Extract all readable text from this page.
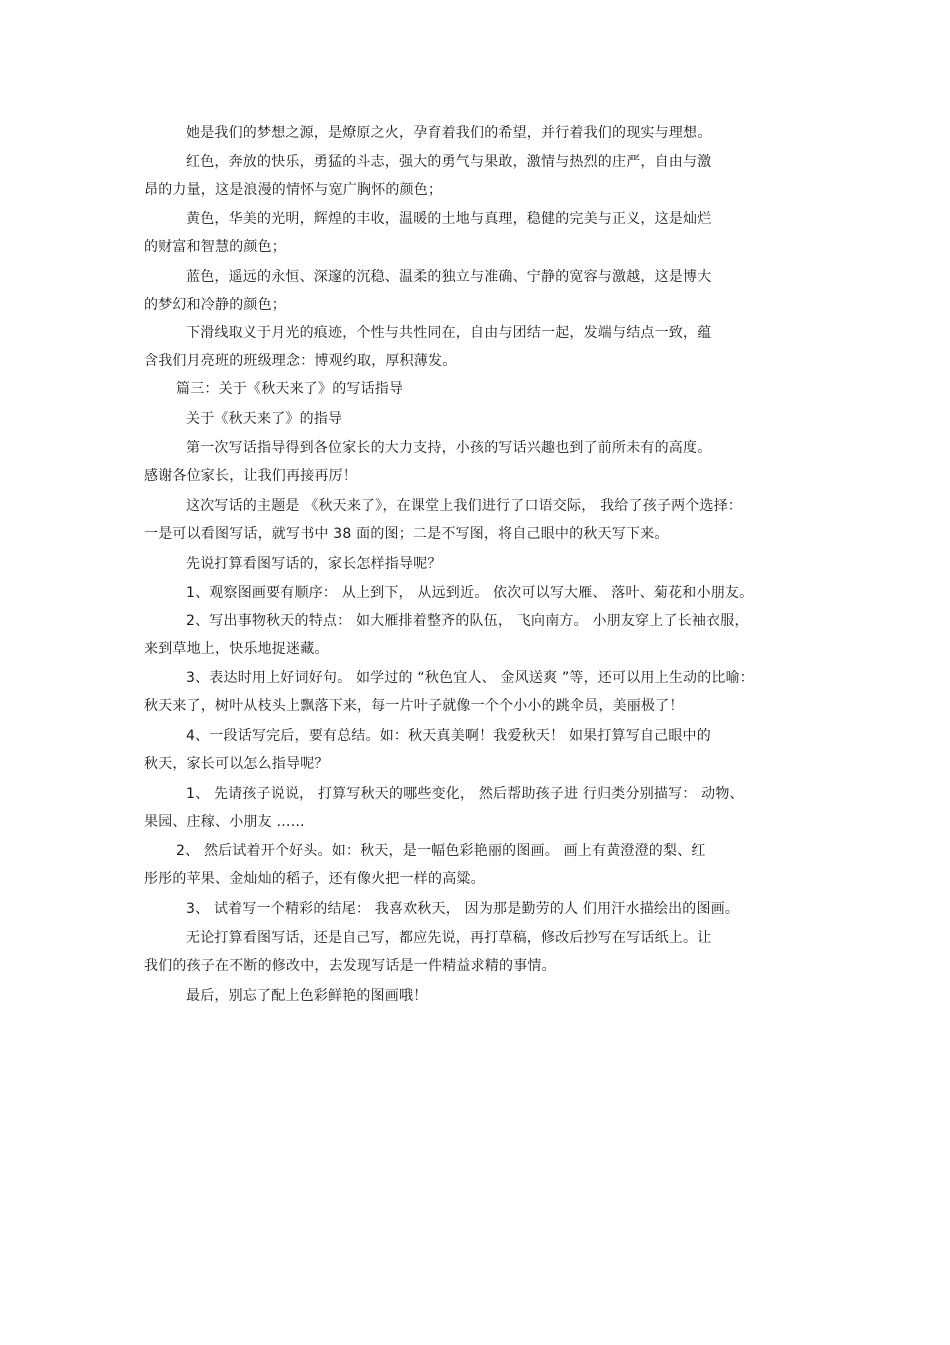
她是我们的梦想之源，是燎原之火，孕育着我们的希望，并行着我们的现实与理想。
红色，奔放的快乐，勇猛的斗志，强大的勇气与果敢，激情与热烈的庄严，自由与激
昂的力量，这是浪漫的情怀与宽广胸怀的颜色；
黄色，华美的光明，辉煌的丰收，温暖的土地与真理，稳健的完美与正义，这是灿烂
的财富和智慧的颜色；
蓝色，遥远的永恒、深邃的沉稳、温柔的独立与准确、宁静的宽容与激越，这是博大
的梦幻和冷静的颜色；
下滑线取义于月光的痕迹，个性与共性同在，自由与团结一起，发端与结点一致，蕴
含我们月亮班的班级理念：博观约取，厚积薄发。
篇三：关于《秋天来了》的写话指导
关于《秋天来了》的指导
第一次写话指导得到各位家长的大力支持，小孩的写话兴趣也到了前所未有的高度。
感谢各位家长，让我们再接再厉！
这次写话的主题是 《秋天来了》，在课堂上我们进行了口语交际， 我给了孩子两个选择：
一是可以看图写话，就写书中 38 面的图；二是不写图，将自己眼中的秋天写下来。
先说打算看图写话的，家长怎样指导呢？
1、观察图画要有顺序： 从上到下， 从远到近。 依次可以写大雁、 落叶、菊花和小朋友。
2、写出事物秋天的特点： 如大雁排着整齐的队伍， 飞向南方。 小朋友穿上了长袖衣服，
来到草地上，快乐地捉迷藏。
3、表达时用上好词好句。 如学过的 “秋色宜人、 金风送爽 ”等，还可以用上生动的比喻：
秋天来了，树叶从枝头上飘落下来，每一片叶子就像一个个小小的跳伞员，美丽极了！
4、一段话写完后，要有总结。如：秋天真美啊！我爱秋天！ 如果打算写自己眼中的
秋天，家长可以怎么指导呢？
1、 先请孩子说说， 打算写秋天的哪些变化， 然后帮助孩子进 行归类分别描写： 动物、
果园、庄稼、小朋友 ……
2、 然后试着开个好头。如：秋天，是一幅色彩艳丽的图画。 画上有黄澄澄的梨、红
彤彤的苹果、金灿灿的稻子，还有像火把一样的高粱。
3、 试着写一个精彩的结尾： 我喜欢秋天， 因为那是勤劳的人 们用汗水描绘出的图画。
无论打算看图写话，还是自己写，都应先说，再打草稿，修改后抄写在写话纸上。让
我们的孩子在不断的修改中，去发现写话是一件精益求精的事情。
最后，别忘了配上色彩鲜艳的图画哦！
